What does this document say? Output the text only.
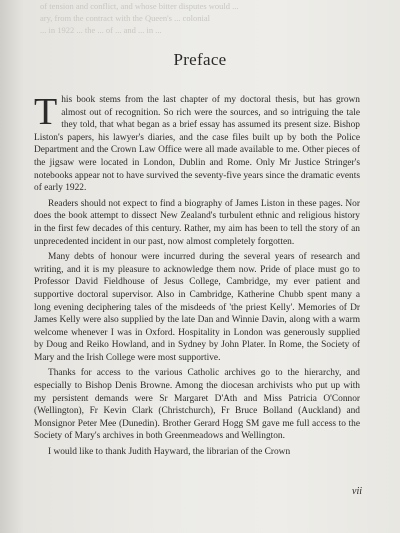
of tension and conflict, and whose bitter disputes would ...
ary, from the contract with the Queen's ... colonial
... in 1922 ... the ... of ... and ... in ...
Preface

This book stems from the last chapter of my doctoral thesis, but has grown almost out of recognition. So rich were the sources, and so intriguing the tale they told, that what began as a brief essay has assumed its present size. Bishop Liston's papers, his lawyer's diaries, and the case files built up by both the Police Department and the Crown Law Office were all made available to me. Other pieces of the jigsaw were located in London, Dublin and Rome. Only Mr Justice Stringer's notebooks appear not to have survived the seventy-five years since the dramatic events of early 1922.

Readers should not expect to find a biography of James Liston in these pages. Nor does the book attempt to dissect New Zealand's turbulent ethnic and religious history in the first few decades of this century. Rather, my aim has been to tell the story of an unprecedented incident in our past, now almost completely forgotten.

Many debts of honour were incurred during the several years of research and writing, and it is my pleasure to acknowledge them now. Pride of place must go to Professor David Fieldhouse of Jesus College, Cambridge, my ever patient and supportive doctoral supervisor. Also in Cambridge, Katherine Chubb spent many a long evening deciphering tales of the misdeeds of 'the priest Kelly'. Memories of Dr James Kelly were also supplied by the late Dan and Winnie Davin, along with a warm welcome whenever I was in Oxford. Hospitality in London was generously supplied by Doug and Reiko Howland, and in Sydney by John Plater. In Rome, the Society of Mary and the Irish College were most supportive.

Thanks for access to the various Catholic archives go to the hierarchy, and especially to Bishop Denis Browne. Among the diocesan archivists who put up with my persistent demands were Sr Margaret D'Ath and Miss Patricia O'Connor (Wellington), Fr Kevin Clark (Christchurch), Fr Bruce Bolland (Auckland) and Monsignor Peter Mee (Dunedin). Brother Gerard Hogg SM gave me full access to the Society of Mary's archives in both Greenmeadows and Wellington.

I would like to thank Judith Hayward, the librarian of the Crown

vii
